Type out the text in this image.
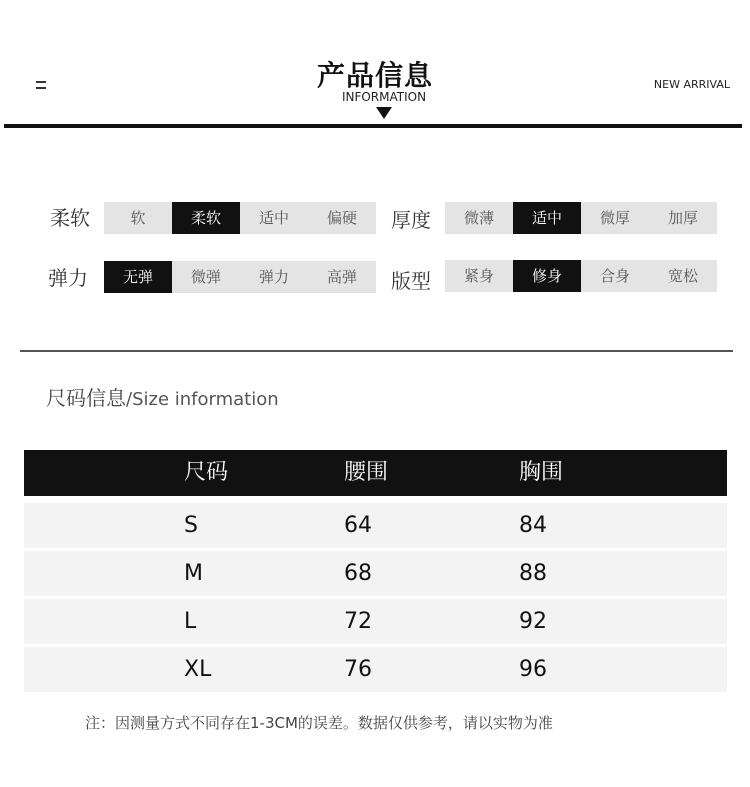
产品信息
INFORMATION
NEW ARRIVAL
柔软	软	柔软	适中	偏硬	厚度	微薄	适中	微厚	加厚
弹力	无弹	微弹	弹力	高弹	版型	紧身	修身	合身	宽松
尺码信息/Size information
尺码	腰围	胸围
S	64	84
M	68	88
L	72	92
XL	76	96
注：因测量方式不同存在1-3CM的误差。数据仅供参考，请以实物为准
